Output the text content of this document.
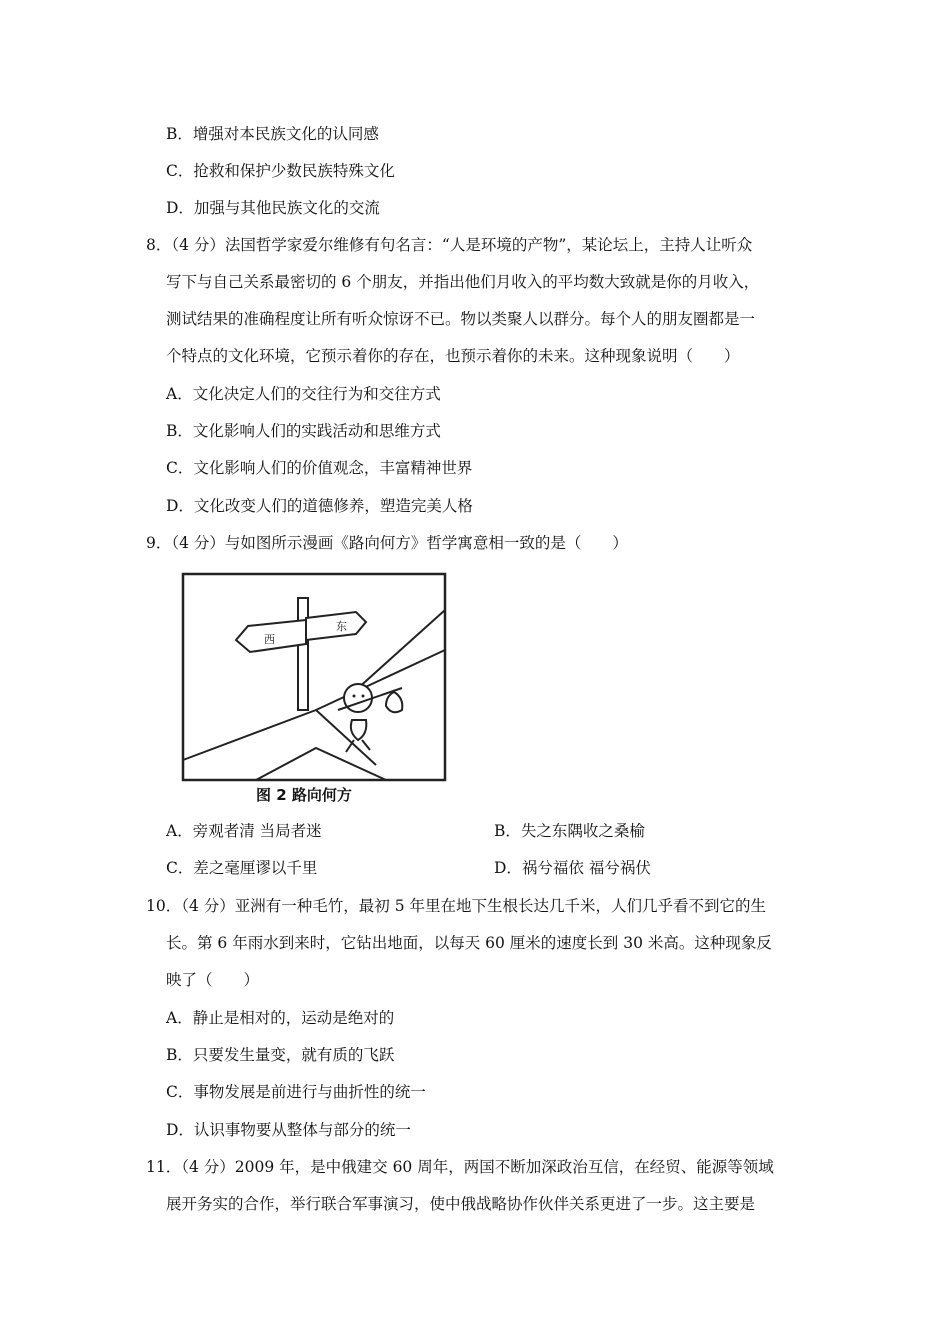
B．增强对本民族文化的认同感
C．抢救和保护少数民族特殊文化
D．加强与其他民族文化的交流
8．（4 分）法国哲学家爱尔维修有句名言：“人是环境的产物”，某论坛上，主持人让听众
写下与自己关系最密切的 6 个朋友，并指出他们月收入的平均数大致就是你的月收入，
测试结果的准确程度让所有听众惊讶不已。物以类聚人以群分。每个人的朋友圈都是一
个特点的文化环境，它预示着你的存在，也预示着你的未来。这种现象说明（　　）
A．文化决定人们的交往行为和交往方式
B．文化影响人们的实践活动和思维方式
C．文化影响人们的价值观念，丰富精神世界
D．文化改变人们的道德修养，塑造完美人格
9．（4 分）与如图所示漫画《路向何方》哲学寓意相一致的是（　　）
西
东
图 2 路向何方
A．旁观者清 当局者迷	B．失之东隅收之桑榆
C．差之毫厘谬以千里	D．祸兮福依 福兮祸伏
10．（4 分）亚洲有一种毛竹，最初 5 年里在地下生根长达几千米，人们几乎看不到它的生
长。第 6 年雨水到来时，它钻出地面，以每天 60 厘米的速度长到 30 米高。这种现象反
映了（　　）
A．静止是相对的，运动是绝对的
B．只要发生量变，就有质的飞跃
C．事物发展是前进行与曲折性的统一
D．认识事物要从整体与部分的统一
11．（4 分）2009 年，是中俄建交 60 周年，两国不断加深政治互信，在经贸、能源等领域
展开务实的合作，举行联合军事演习，使中俄战略协作伙伴关系更进了一步。这主要是
